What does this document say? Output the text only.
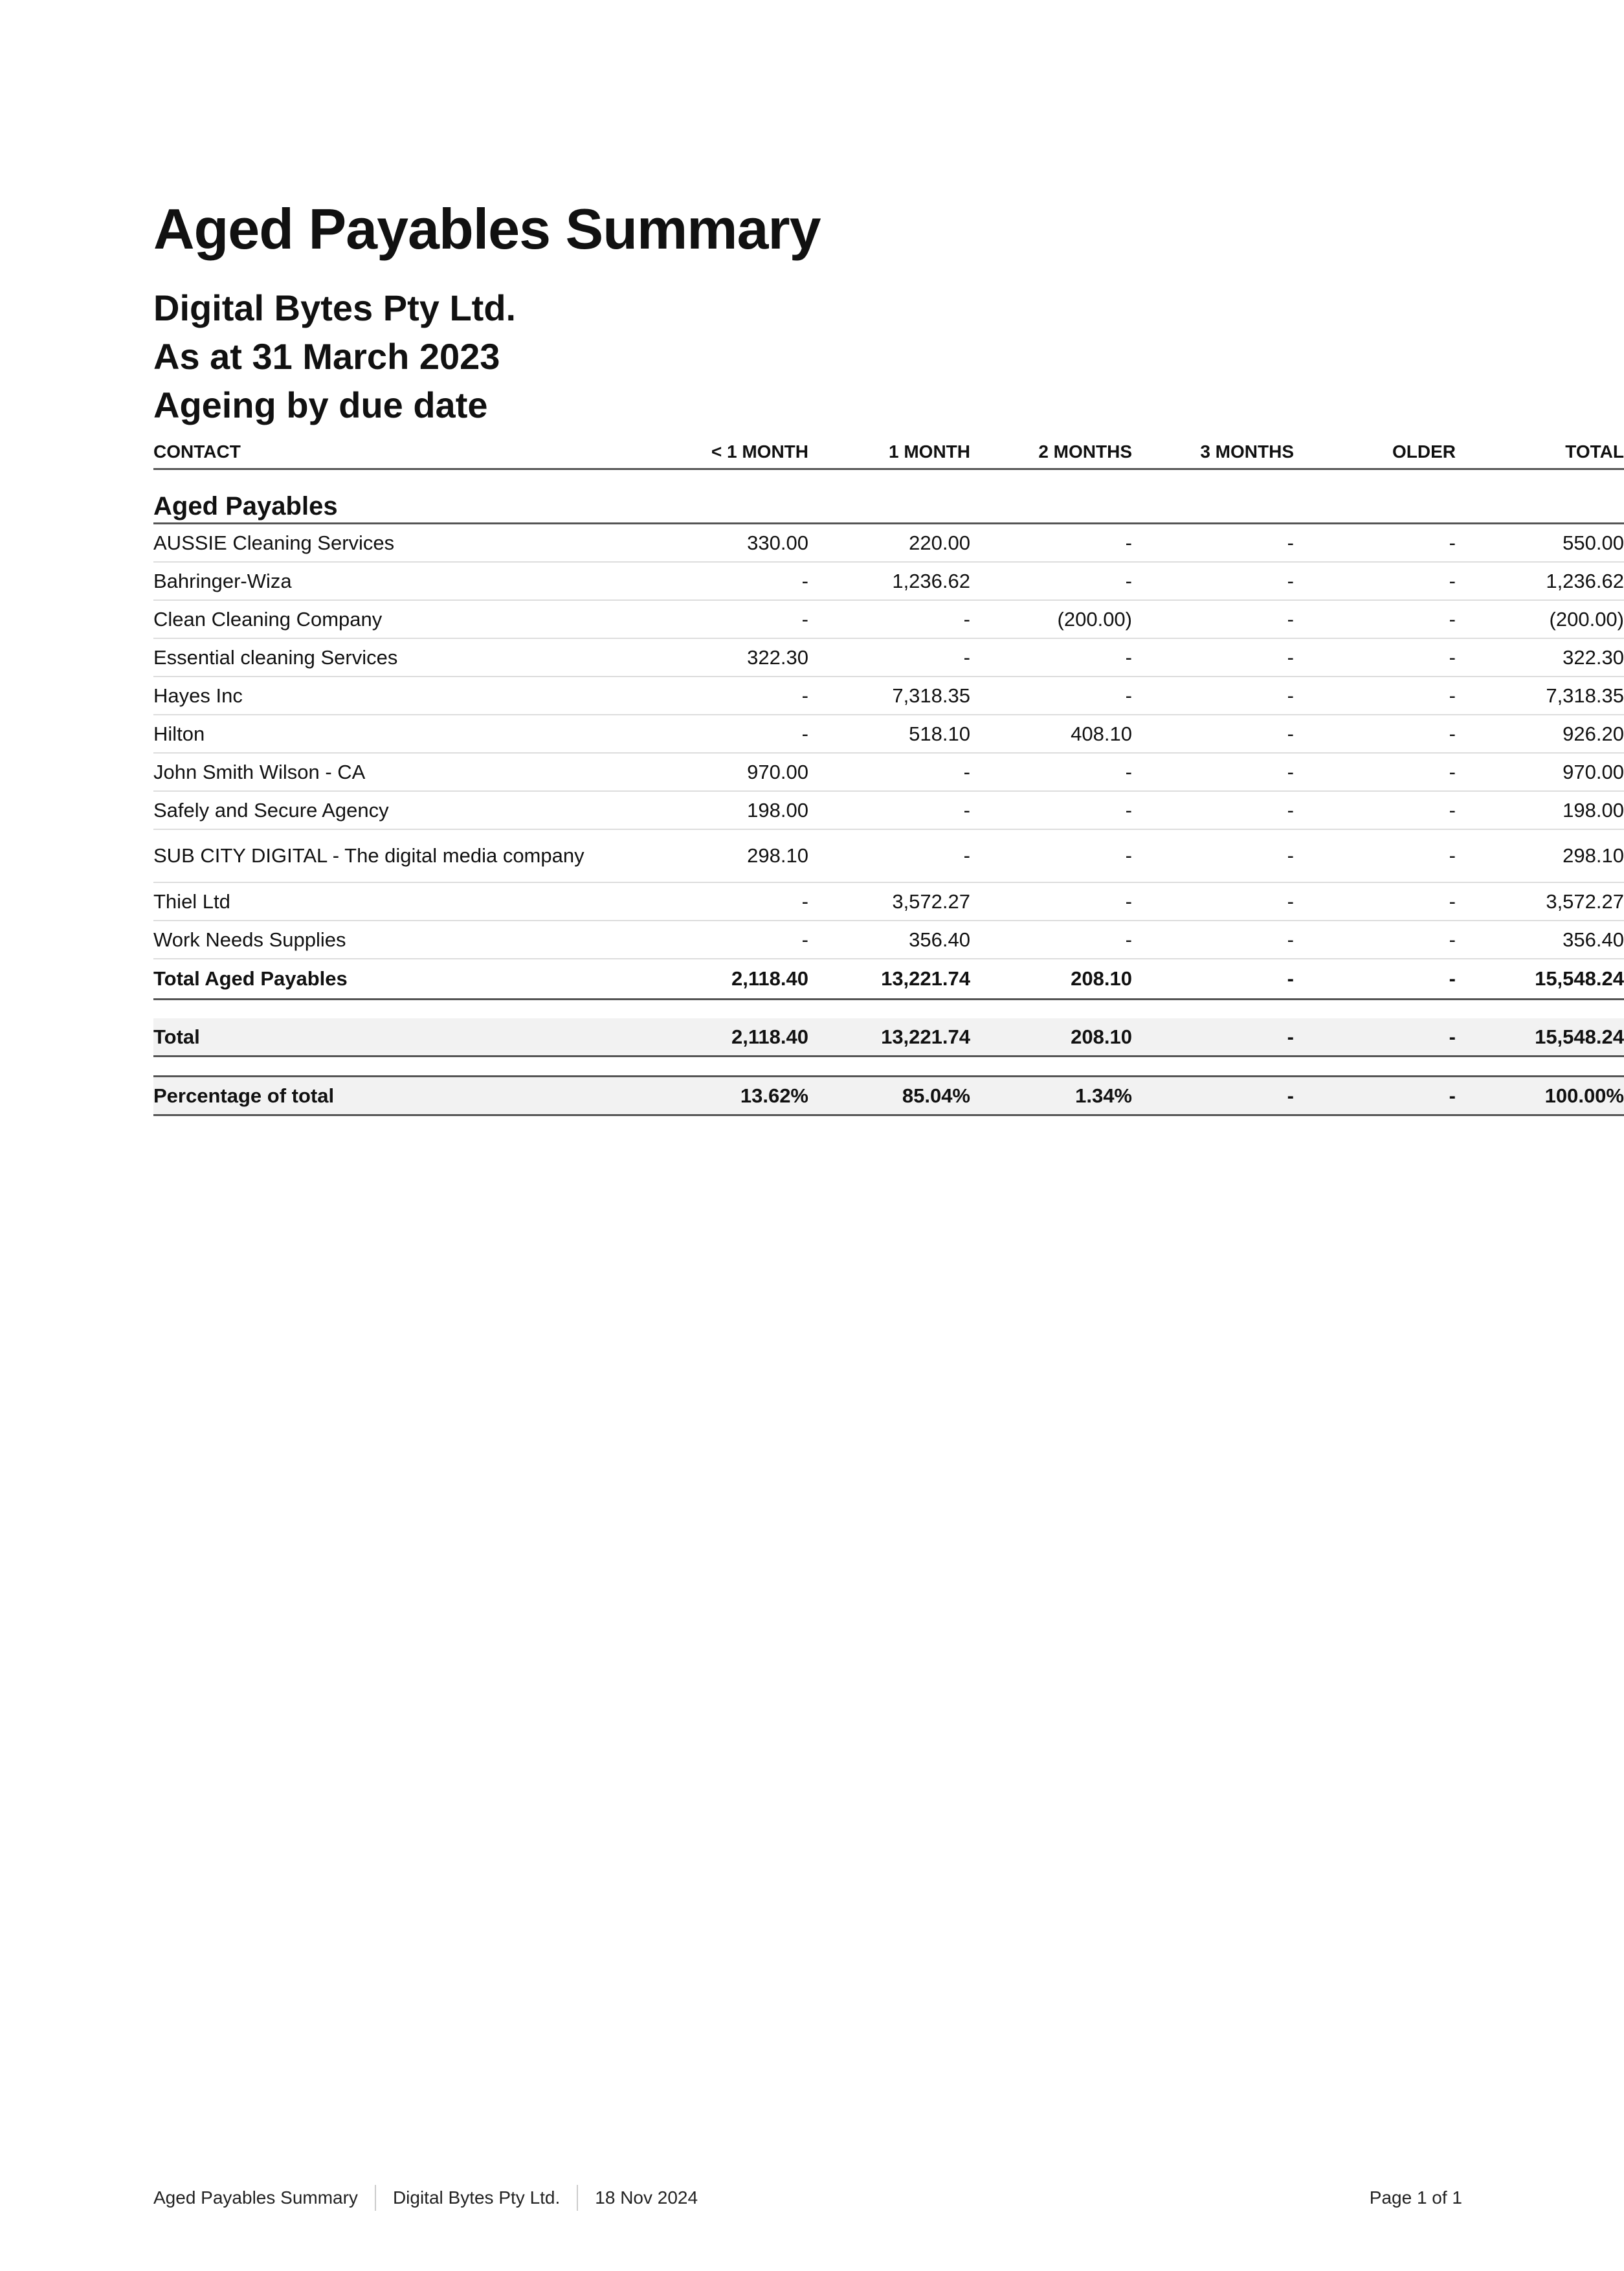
Aged Payables Summary
Digital Bytes Pty Ltd.
As at 31 March 2023
Ageing by due date
CONTACT	< 1 MONTH	1 MONTH	2 MONTHS	3 MONTHS	OLDER	TOTAL
Aged Payables						
AUSSIE Cleaning Services	330.00	220.00	-	-	-	550.00
Bahringer-Wiza	-	1,236.62	-	-	-	1,236.62
Clean Cleaning Company	-	-	(200.00)	-	-	(200.00)
Essential cleaning Services	322.30	-	-	-	-	322.30
Hayes Inc	-	7,318.35	-	-	-	7,318.35
Hilton	-	518.10	408.10	-	-	926.20
John Smith Wilson - CA	970.00	-	-	-	-	970.00
Safely and Secure Agency	198.00	-	-	-	-	198.00
SUB CITY DIGITAL - The digital media company	298.10	-	-	-	-	298.10
Thiel Ltd	-	3,572.27	-	-	-	3,572.27
Work Needs Supplies	-	356.40	-	-	-	356.40
Total Aged Payables	2,118.40	13,221.74	208.10	-	-	15,548.24

Total	2,118.40	13,221.74	208.10	-	-	15,548.24

Percentage of total	13.62%	85.04%	1.34%	-	-	100.00%
Aged Payables Summary	Digital Bytes Pty Ltd.	18 Nov 2024	Page 1 of 1
